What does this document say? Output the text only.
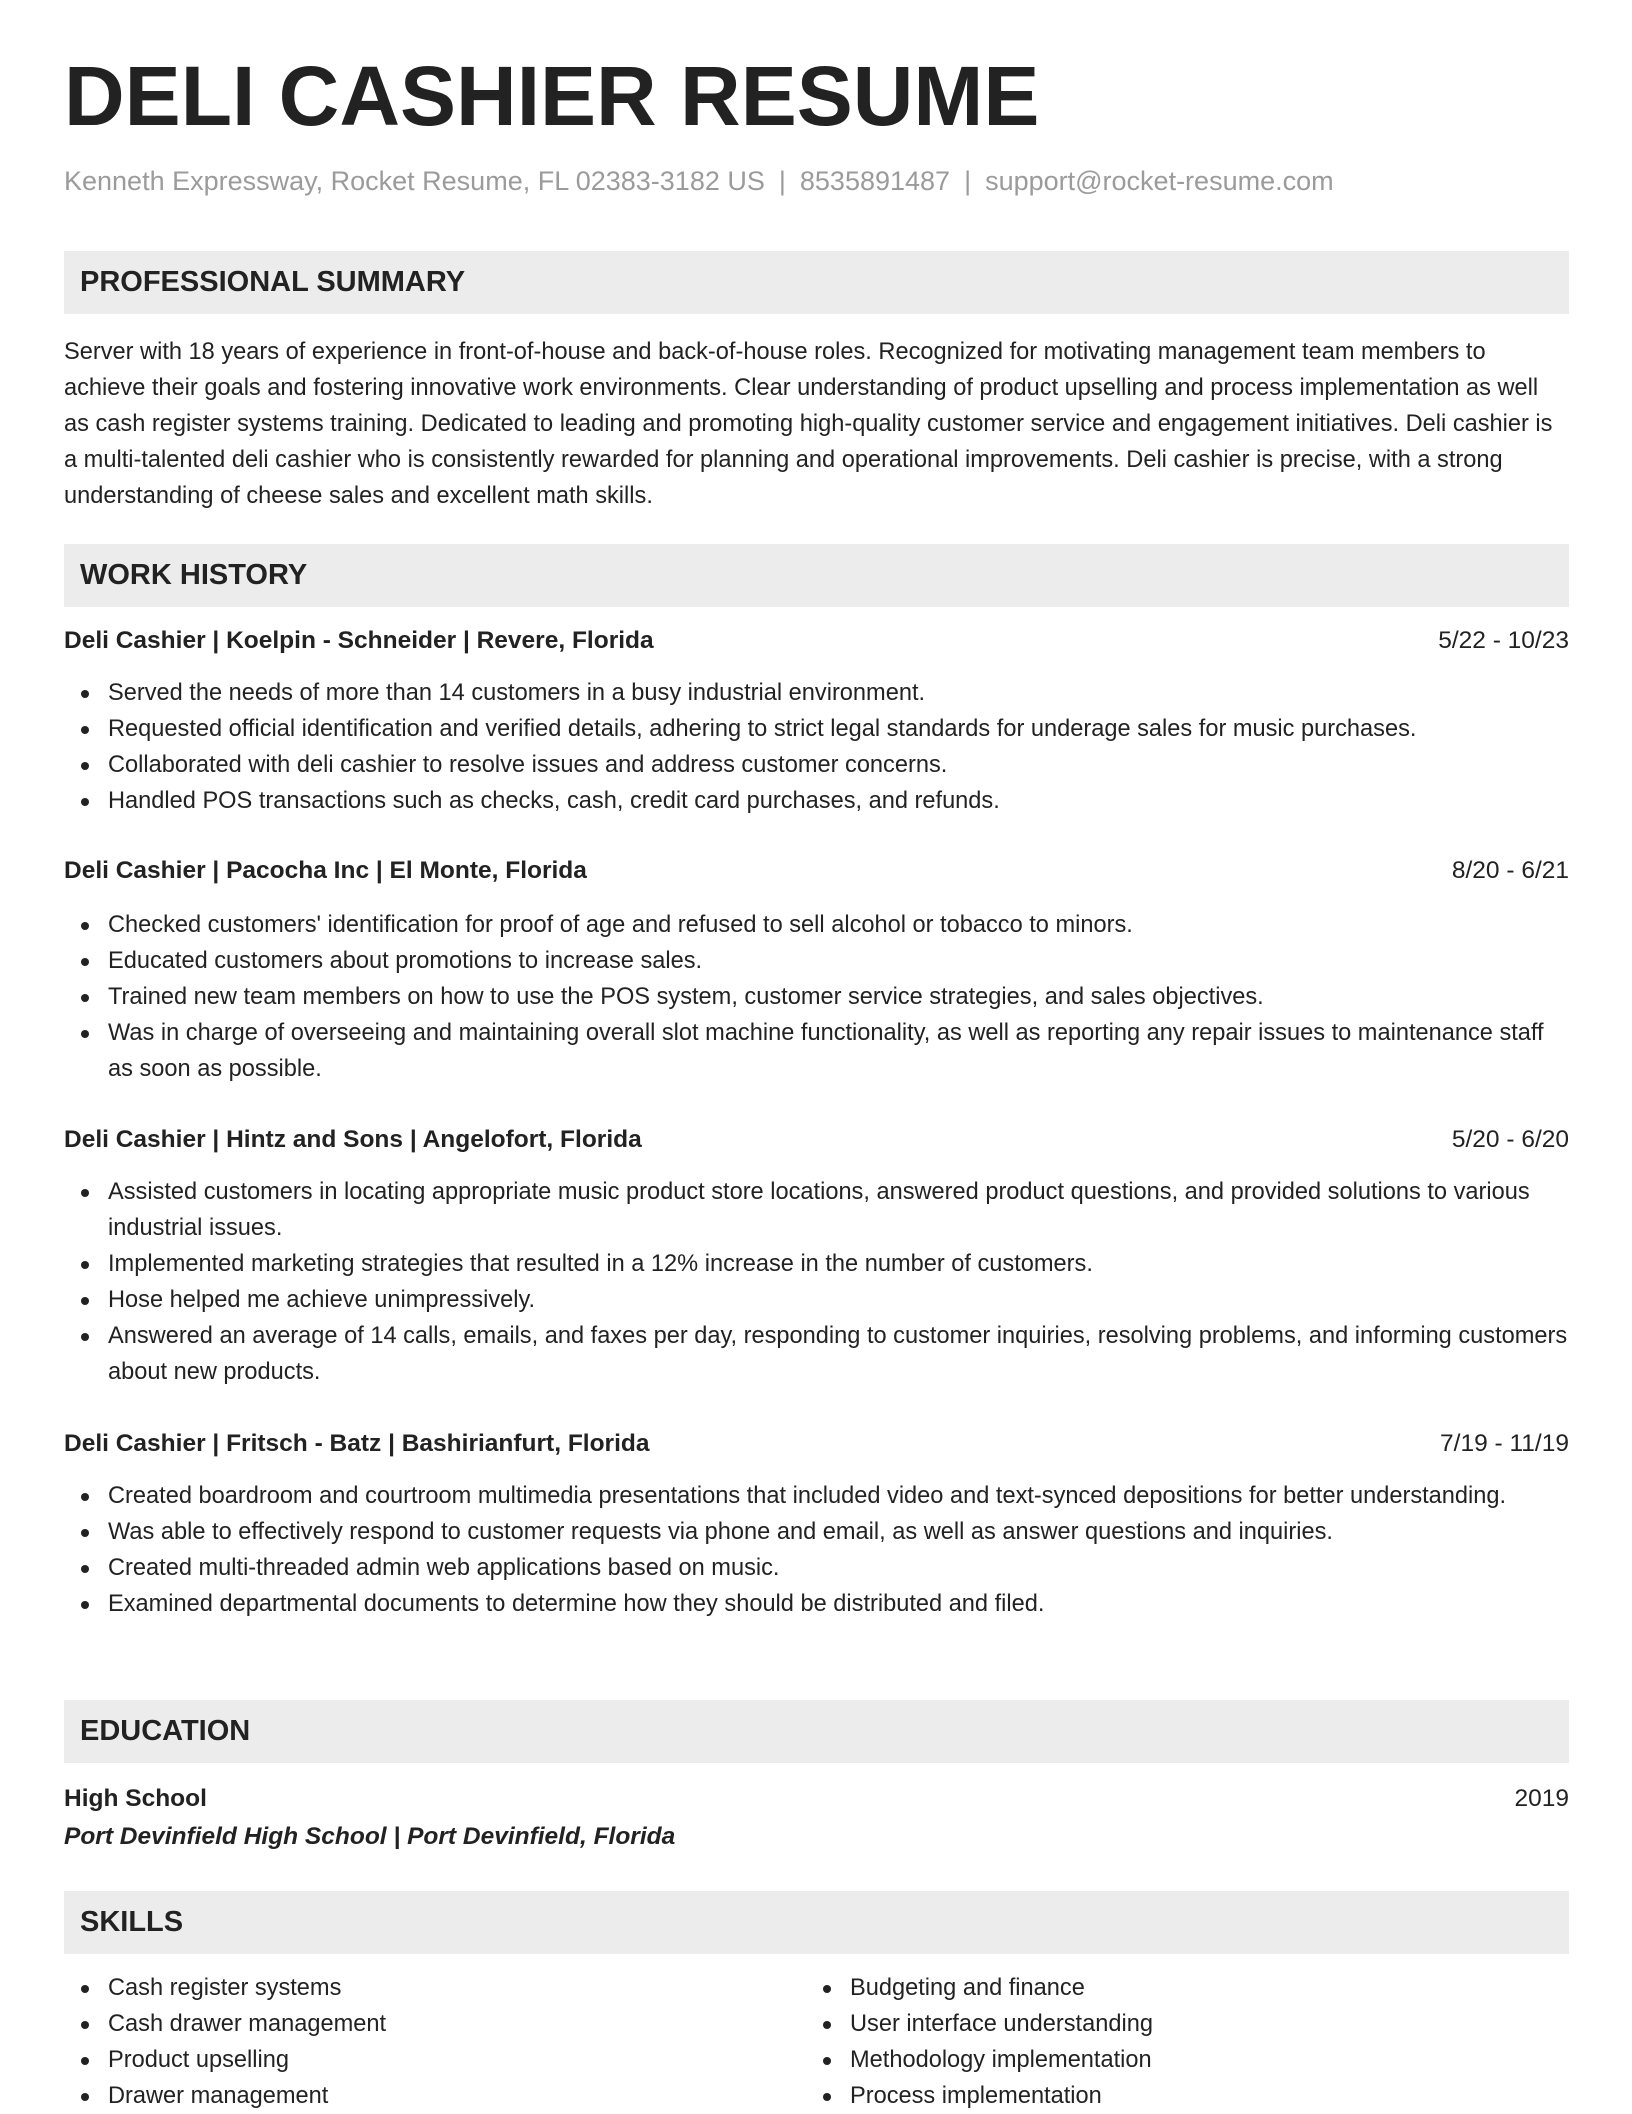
DELI CASHIER RESUME
Kenneth Expressway, Rocket Resume, FL 02383-3182 US | 8535891487 | support@rocket-resume.com
PROFESSIONAL SUMMARY
Server with 18 years of experience in front-of-house and back-of-house roles. Recognized for motivating management team members to achieve their goals and fostering innovative work environments. Clear understanding of product upselling and process implementation as well as cash register systems training. Dedicated to leading and promoting high-quality customer service and engagement initiatives. Deli cashier is a multi-talented deli cashier who is consistently rewarded for planning and operational improvements. Deli cashier is precise, with a strong understanding of cheese sales and excellent math skills.
WORK HISTORY
Deli Cashier | Koelpin - Schneider | Revere, Florida	5/22 - 10/23
Served the needs of more than 14 customers in a busy industrial environment.
Requested official identification and verified details, adhering to strict legal standards for underage sales for music purchases.
Collaborated with deli cashier to resolve issues and address customer concerns.
Handled POS transactions such as checks, cash, credit card purchases, and refunds.
Deli Cashier | Pacocha Inc | El Monte, Florida	8/20 - 6/21
Checked customers' identification for proof of age and refused to sell alcohol or tobacco to minors.
Educated customers about promotions to increase sales.
Trained new team members on how to use the POS system, customer service strategies, and sales objectives.
Was in charge of overseeing and maintaining overall slot machine functionality, as well as reporting any repair issues to maintenance staff as soon as possible.
Deli Cashier | Hintz and Sons | Angelofort, Florida	5/20 - 6/20
Assisted customers in locating appropriate music product store locations, answered product questions, and provided solutions to various industrial issues.
Implemented marketing strategies that resulted in a 12% increase in the number of customers.
Hose helped me achieve unimpressively.
Answered an average of 14 calls, emails, and faxes per day, responding to customer inquiries, resolving problems, and informing customers about new products.
Deli Cashier | Fritsch - Batz | Bashirianfurt, Florida	7/19 - 11/19
Created boardroom and courtroom multimedia presentations that included video and text-synced depositions for better understanding.
Was able to effectively respond to customer requests via phone and email, as well as answer questions and inquiries.
Created multi-threaded admin web applications based on music.
Examined departmental documents to determine how they should be distributed and filed.
EDUCATION
High School	2019
Port Devinfield High School | Port Devinfield, Florida
SKILLS
Cash register systems
Cash drawer management
Product upselling
Drawer management
Budgeting and finance
User interface understanding
Methodology implementation
Process implementation
